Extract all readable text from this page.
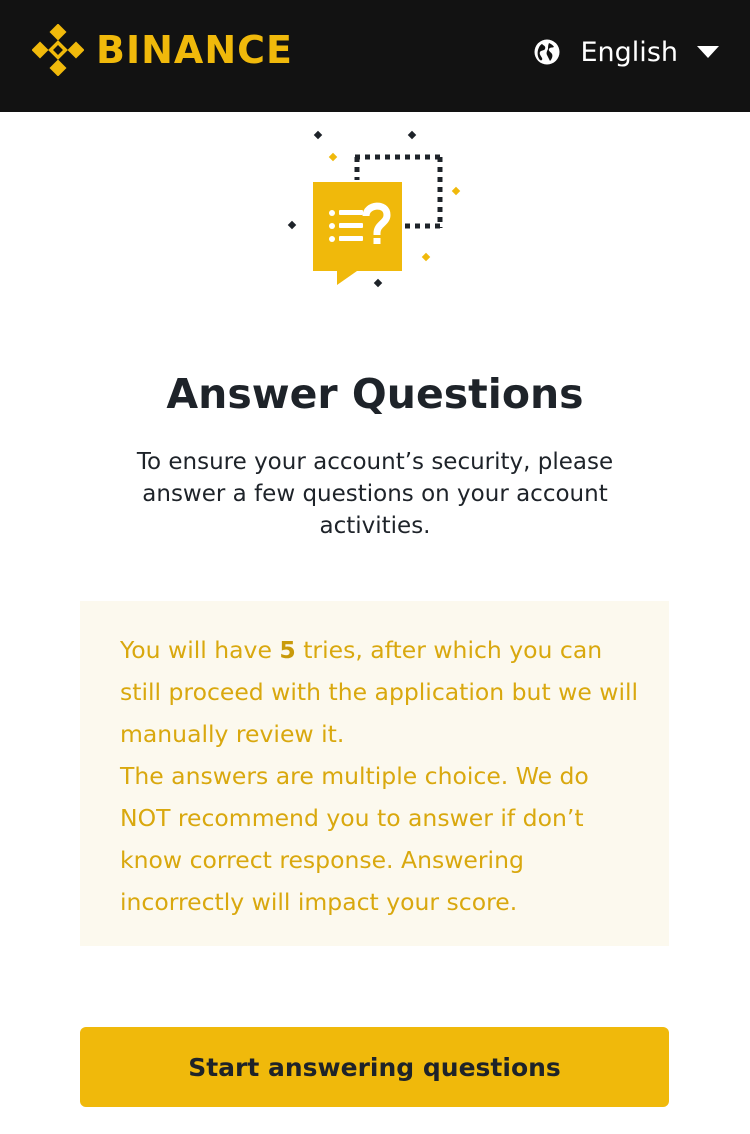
BINANCE	English
Answer Questions
To ensure your account’s security, please answer a few questions on your account activities.

You will have 5 tries, after which you can still proceed with the application but we will manually review it.

The answers are multiple choice. We do NOT recommend you to answer if don’t know correct response. Answering incorrectly will impact your score.

Start answering questions
